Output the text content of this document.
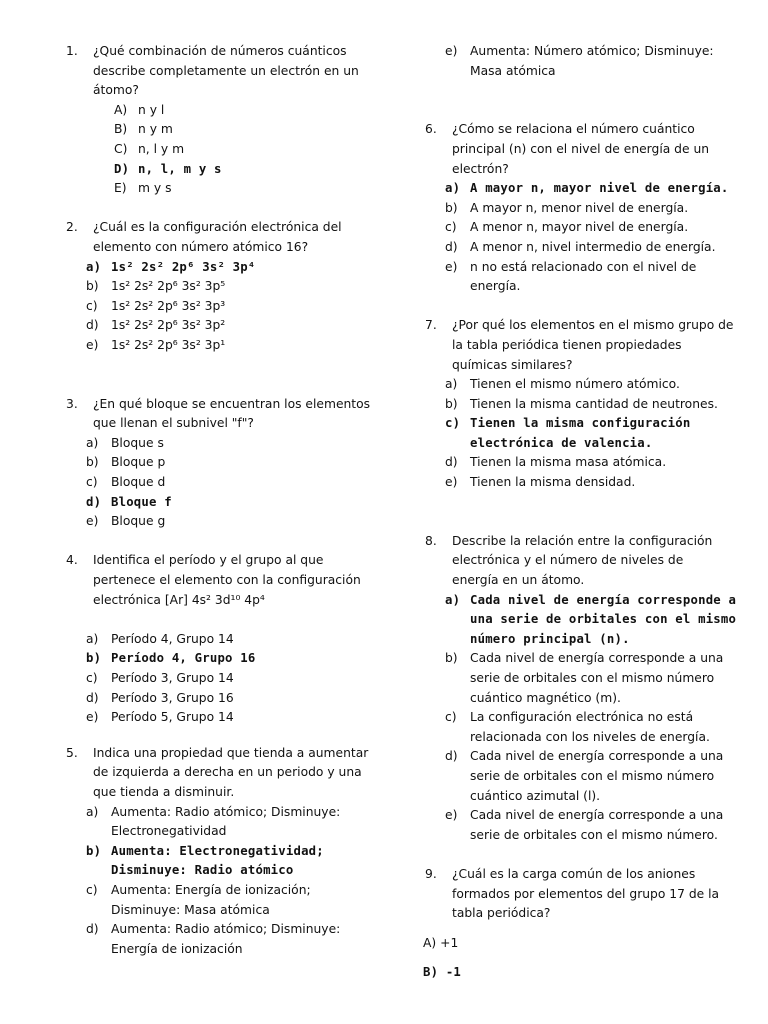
1. ¿Qué combinación de números cuánticos
describe completamente un electrón en un
átomo?
A) n y l
B) n y m
C) n, l y m
D) n, l, m y s
E) m y s
2. ¿Cuál es la configuración electrónica del
elemento con número atómico 16?
a) 1s² 2s² 2p⁶ 3s² 3p⁴
b) 1s² 2s² 2p⁶ 3s² 3p⁵
c) 1s² 2s² 2p⁶ 3s² 3p³
d) 1s² 2s² 2p⁶ 3s² 3p²
e) 1s² 2s² 2p⁶ 3s² 3p¹
3. ¿En qué bloque se encuentran los elementos
que llenan el subnivel "f"?
a) Bloque s
b) Bloque p
c) Bloque d
d) Bloque f
e) Bloque g
4. Identifica el período y el grupo al que
pertenece el elemento con la configuración
electrónica [Ar] 4s² 3d¹⁰ 4p⁴
a) Período 4, Grupo 14
b) Período 4, Grupo 16
c) Período 3, Grupo 14
d) Período 3, Grupo 16
e) Período 5, Grupo 14
5. Indica una propiedad que tienda a aumentar
de izquierda a derecha en un periodo y una
que tienda a disminuir.
a) Aumenta: Radio atómico; Disminuye:
Electronegatividad
b) Aumenta: Electronegatividad;
Disminuye: Radio atómico
c) Aumenta: Energía de ionización;
Disminuye: Masa atómica
d) Aumenta: Radio atómico; Disminuye:
Energía de ionización
e) Aumenta: Número atómico; Disminuye:
Masa atómica
6. ¿Cómo se relaciona el número cuántico
principal (n) con el nivel de energía de un
electrón?
a) A mayor n, mayor nivel de energía.
b) A mayor n, menor nivel de energía.
c) A menor n, mayor nivel de energía.
d) A menor n, nivel intermedio de energía.
e) n no está relacionado con el nivel de
energía.
7. ¿Por qué los elementos en el mismo grupo de
la tabla periódica tienen propiedades
químicas similares?
a) Tienen el mismo número atómico.
b) Tienen la misma cantidad de neutrones.
c) Tienen la misma configuración
electrónica de valencia.
d) Tienen la misma masa atómica.
e) Tienen la misma densidad.
8. Describe la relación entre la configuración
electrónica y el número de niveles de
energía en un átomo.
a) Cada nivel de energía corresponde a
una serie de orbitales con el mismo
número principal (n).
b) Cada nivel de energía corresponde a una
serie de orbitales con el mismo número
cuántico magnético (m).
c) La configuración electrónica no está
relacionada con los niveles de energía.
d) Cada nivel de energía corresponde a una
serie de orbitales con el mismo número
cuántico azimutal (l).
e) Cada nivel de energía corresponde a una
serie de orbitales con el mismo número.
9. ¿Cuál es la carga común de los aniones
formados por elementos del grupo 17 de la
tabla periódica?
A) +1
B) -1
